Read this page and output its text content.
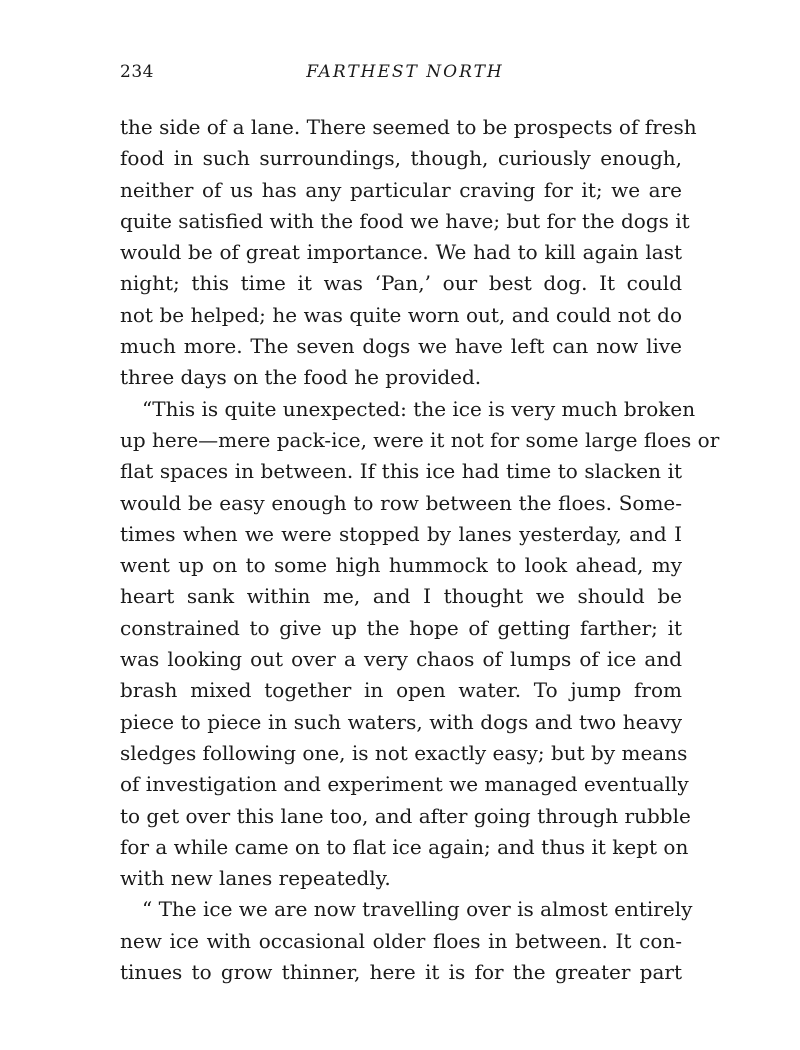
234	FARTHEST NORTH
the side of a lane. There seemed to be prospects of fresh
food in such surroundings, though, curiously enough,
neither of us has any particular craving for it; we are
quite satisfied with the food we have; but for the dogs it
would be of great importance. We had to kill again last
night; this time it was ‘Pan,’ our best dog. It could
not be helped; he was quite worn out, and could not do
much more. The seven dogs we have left can now live
three days on the food he provided.
“This is quite unexpected: the ice is very much broken
up here—mere pack-ice, were it not for some large floes or
flat spaces in between. If this ice had time to slacken it
would be easy enough to row between the floes. Some-
times when we were stopped by lanes yesterday, and I
went up on to some high hummock to look ahead, my
heart sank within me, and I thought we should be
constrained to give up the hope of getting farther; it
was looking out over a very chaos of lumps of ice and
brash mixed together in open water. To jump from
piece to piece in such waters, with dogs and two heavy
sledges following one, is not exactly easy; but by means
of investigation and experiment we managed eventually
to get over this lane too, and after going through rubble
for a while came on to flat ice again; and thus it kept on
with new lanes repeatedly.
“ The ice we are now travelling over is almost entirely
new ice with occasional older floes in between. It con-
tinues to grow thinner, here it is for the greater part
